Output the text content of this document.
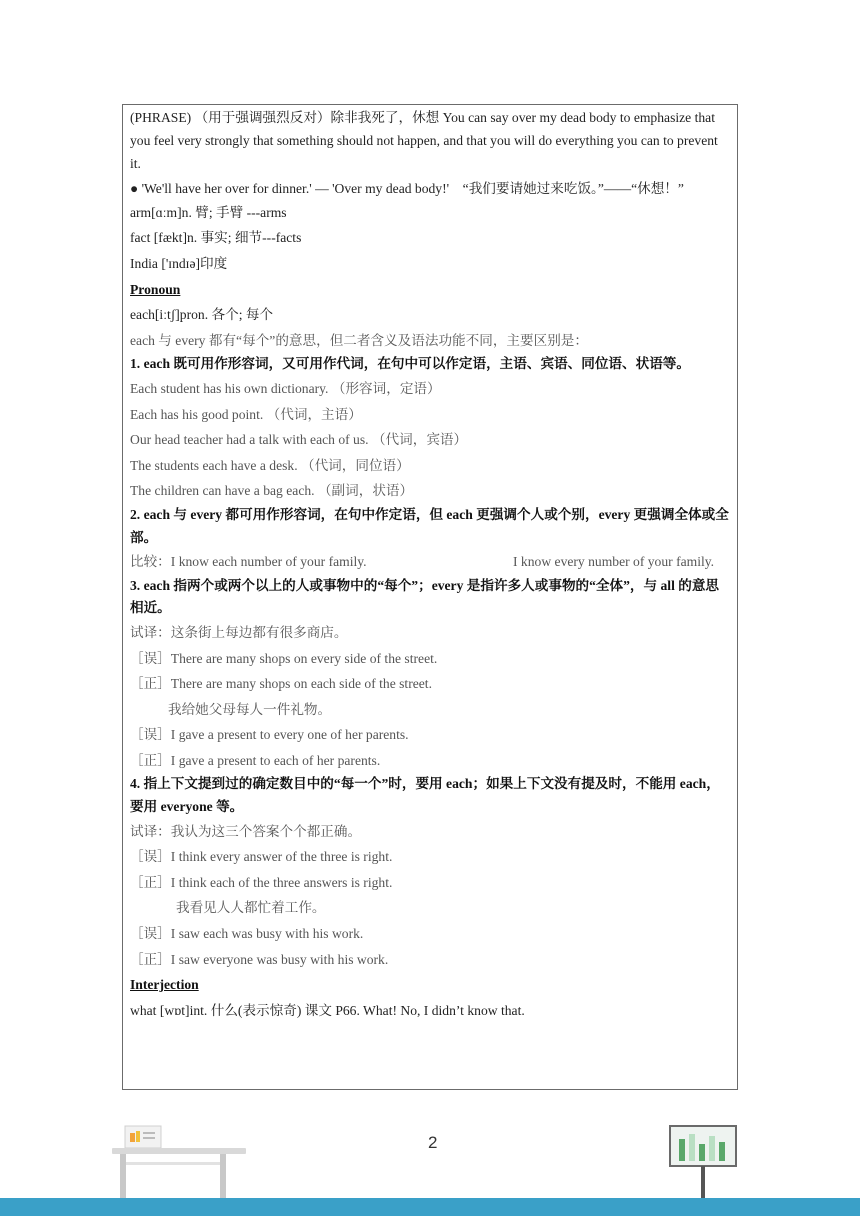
(PHRASE) （用于强调强烈反对）除非我死了，休想 You can say over my dead body to emphasize that you feel very strongly that something should not happen, and that you will do everything you can to prevent it.

● 'We'll have her over for dinner.' — 'Over my dead body!'　“我们要请她过来吃饭。”——“休想！”

arm[ɑːm]n. 臂; 手臂 ---arms

fact [fækt]n. 事实; 细节---facts

India ['ɪndɪə]印度

Pronoun

each[iːtʃ]pron. 各个; 每个

each 与 every 都有“每个”的意思，但二者含义及语法功能不同，主要区别是：

1. each 既可用作形容词，又可用作代词，在句中可以作定语，主语、宾语、同位语、状语等。

Each student has his own dictionary. （形容词，定语）

Each has his good point. （代词，主语）

Our head teacher had a talk with each of us. （代词，宾语）

The students each have a desk. （代词，同位语）

The children can have a bag each. （副词，状语）

2. each 与 every 都可用作形容词，在句中作定语，但 each 更强调个人或个别，every 更强调全体或全部。

比较：I know each number of your family.	I know every number of your family.

3. each 指两个或两个以上的人或事物中的“每个”；every 是指许多人或事物的“全体”，与 all 的意思相近。

试译：这条街上每边都有很多商店。

［误］There are many shops on every side of the street.

［正］There are many shops on each side of the street.

我给她父母每人一件礼物。

［误］I gave a present to every one of her parents.

［正］I gave a present to each of her parents.

4. 指上下文提到过的确定数目中的“每一个”时，要用 each；如果上下文没有提及时，不能用 each，要用 everyone 等。

试译：我认为这三个答案个个都正确。

［误］I think every answer of the three is right.

［正］I think each of the three answers is right.

我看见人人都忙着工作。

［误］I saw each was busy with his work.

［正］I saw everyone was busy with his work.

Interjection

what [wɒt]int. 什么(表示惊奇) 课文 P66. What! No, I didn’t know that.

2
